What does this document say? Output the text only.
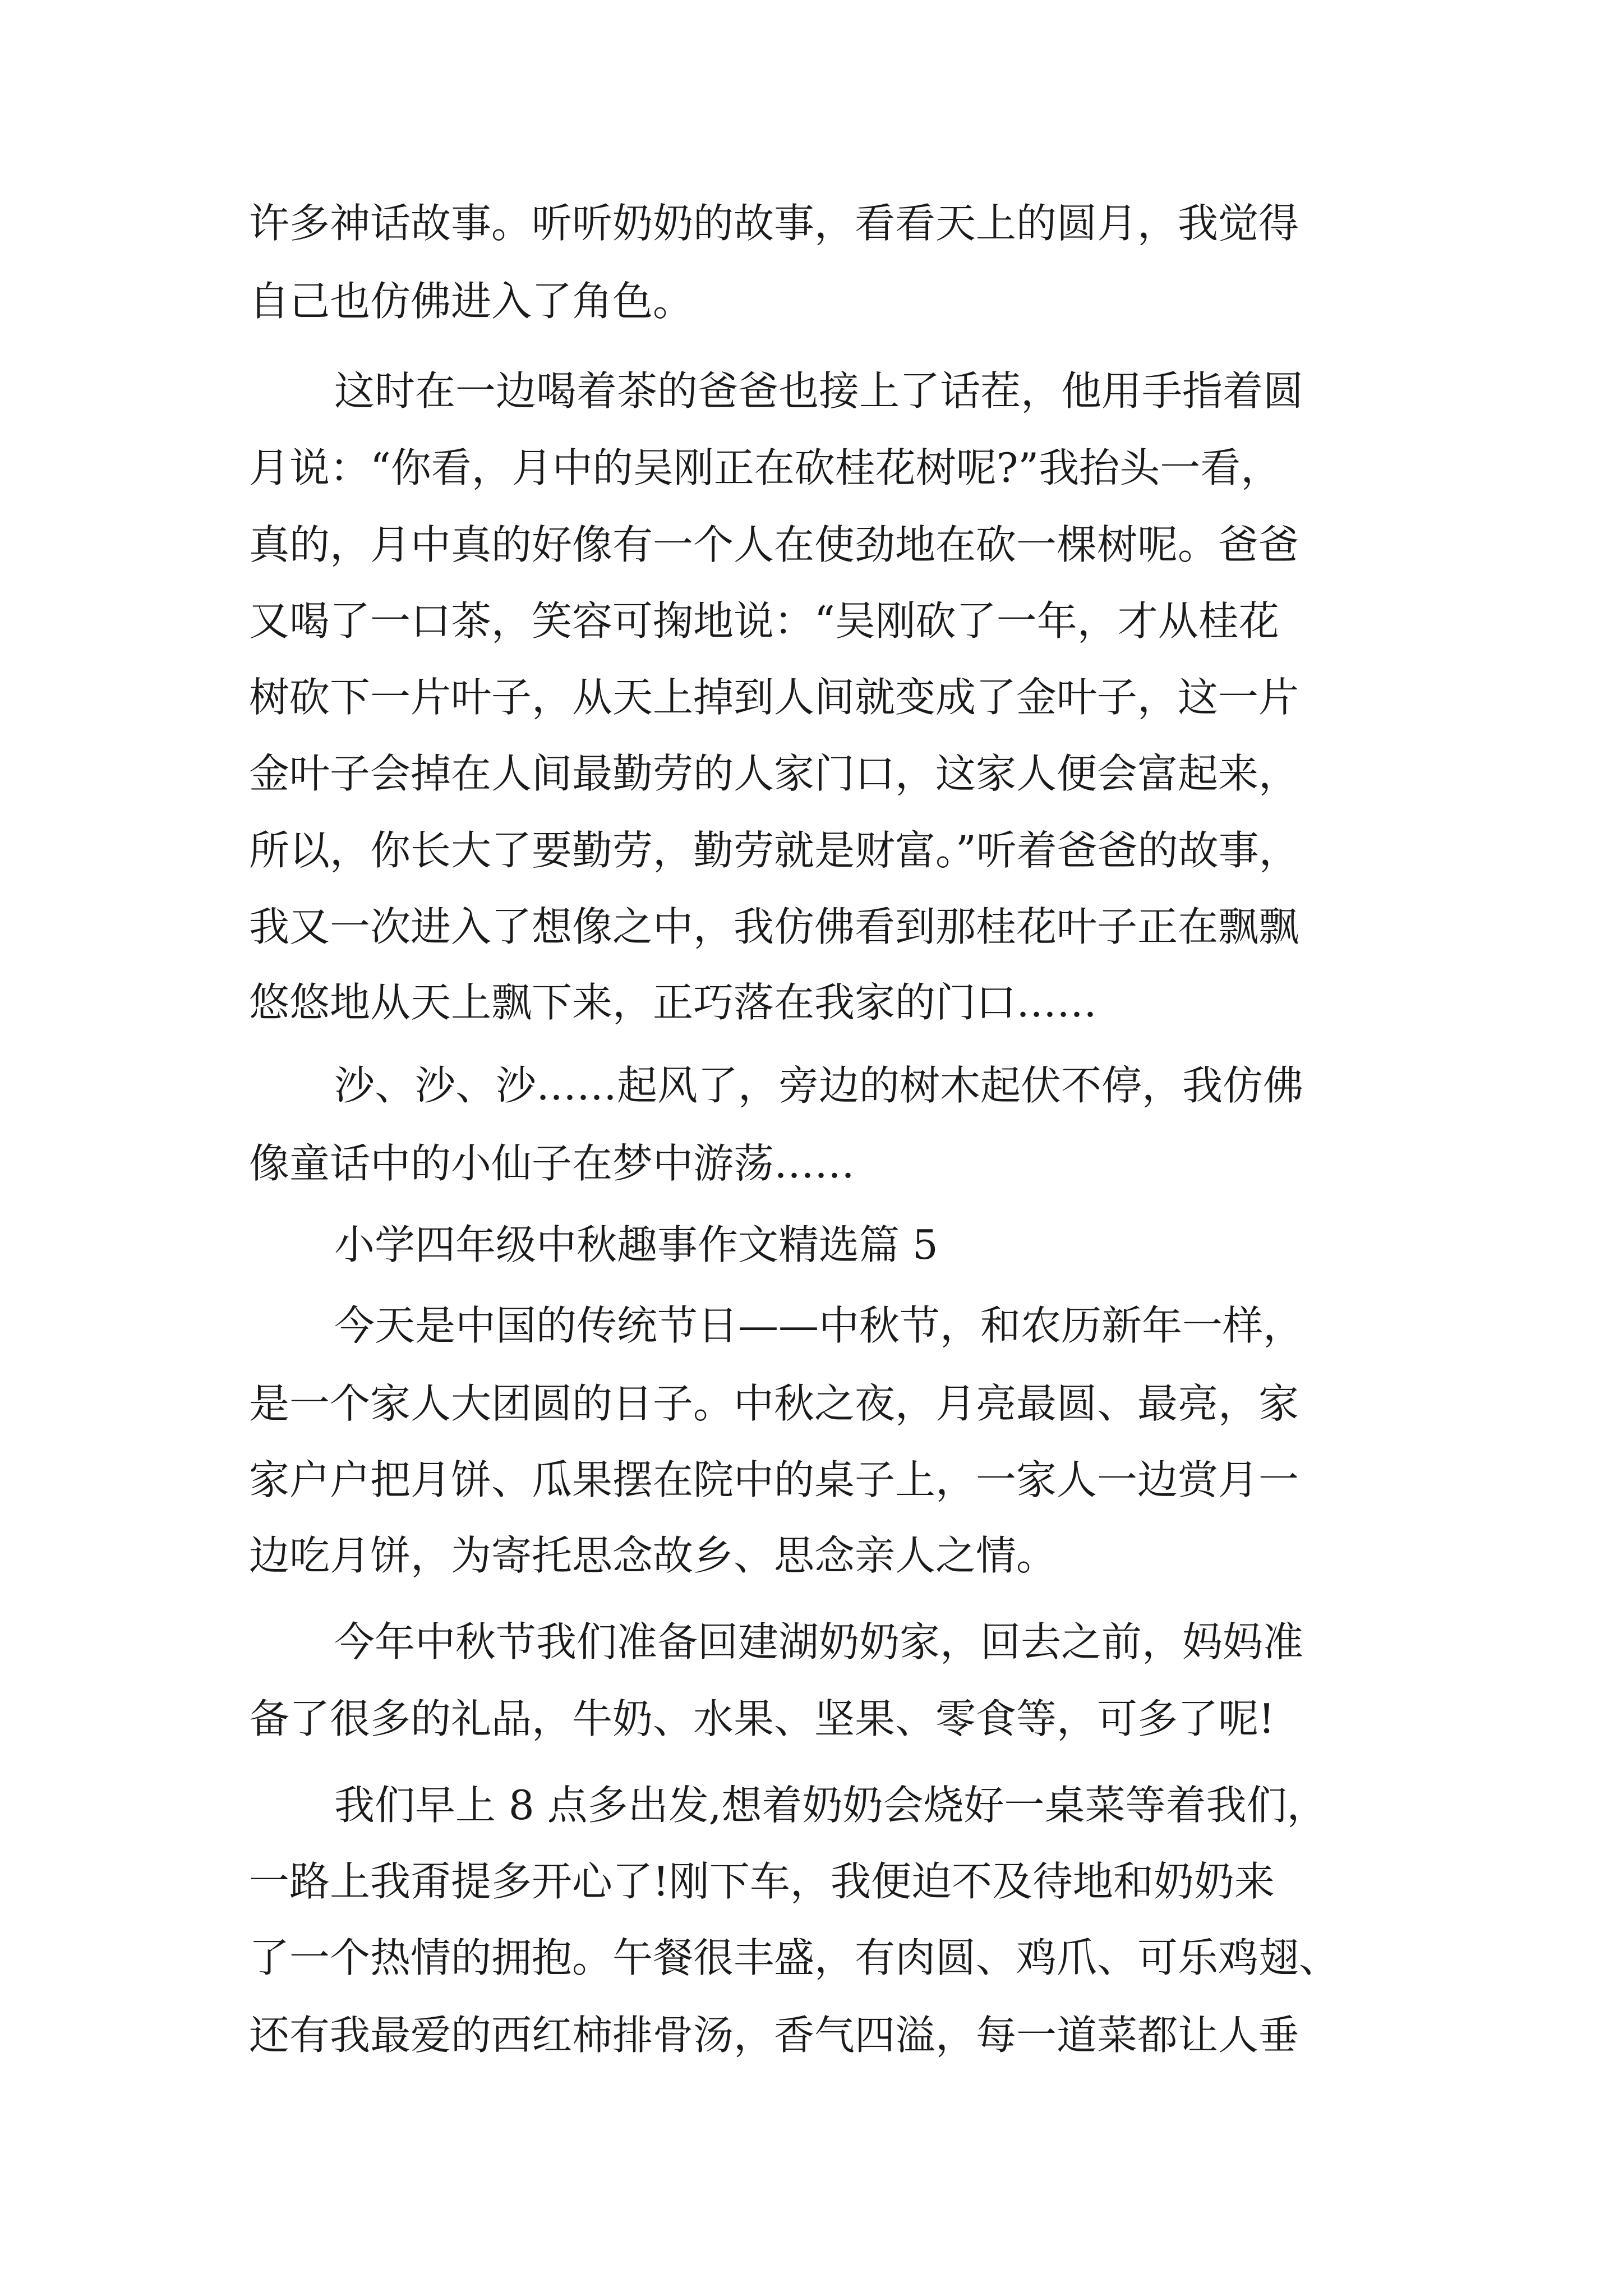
许多神话故事。听听奶奶的故事，看看天上的圆月，我觉得
自己也仿佛进入了角色。
这时在一边喝着茶的爸爸也接上了话茬，他用手指着圆
月说：“你看，月中的吴刚正在砍桂花树呢?”我抬头一看，
真的，月中真的好像有一个人在使劲地在砍一棵树呢。爸爸
又喝了一口茶，笑容可掬地说：“吴刚砍了一年，才从桂花
树砍下一片叶子，从天上掉到人间就变成了金叶子，这一片
金叶子会掉在人间最勤劳的人家门口，这家人便会富起来，
所以，你长大了要勤劳，勤劳就是财富。”听着爸爸的故事，
我又一次进入了想像之中，我仿佛看到那桂花叶子正在飘飘
悠悠地从天上飘下来，正巧落在我家的门口……
沙、沙、沙……起风了，旁边的树木起伏不停，我仿佛
像童话中的小仙子在梦中游荡……
小学四年级中秋趣事作文精选篇 5
今天是中国的传统节日——中秋节，和农历新年一样，
是一个家人大团圆的日子。中秋之夜，月亮最圆、最亮，家
家户户把月饼、瓜果摆在院中的桌子上，一家人一边赏月一
边吃月饼，为寄托思念故乡、思念亲人之情。
今年中秋节我们准备回建湖奶奶家，回去之前，妈妈准
备了很多的礼品，牛奶、水果、坚果、零食等，可多了呢!
我们早上 8 点多出发,想着奶奶会烧好一桌菜等着我们，
一路上我甭提多开心了!刚下车，我便迫不及待地和奶奶来
了一个热情的拥抱。午餐很丰盛，有肉圆、鸡爪、可乐鸡翅、
还有我最爱的西红柿排骨汤，香气四溢，每一道菜都让人垂
